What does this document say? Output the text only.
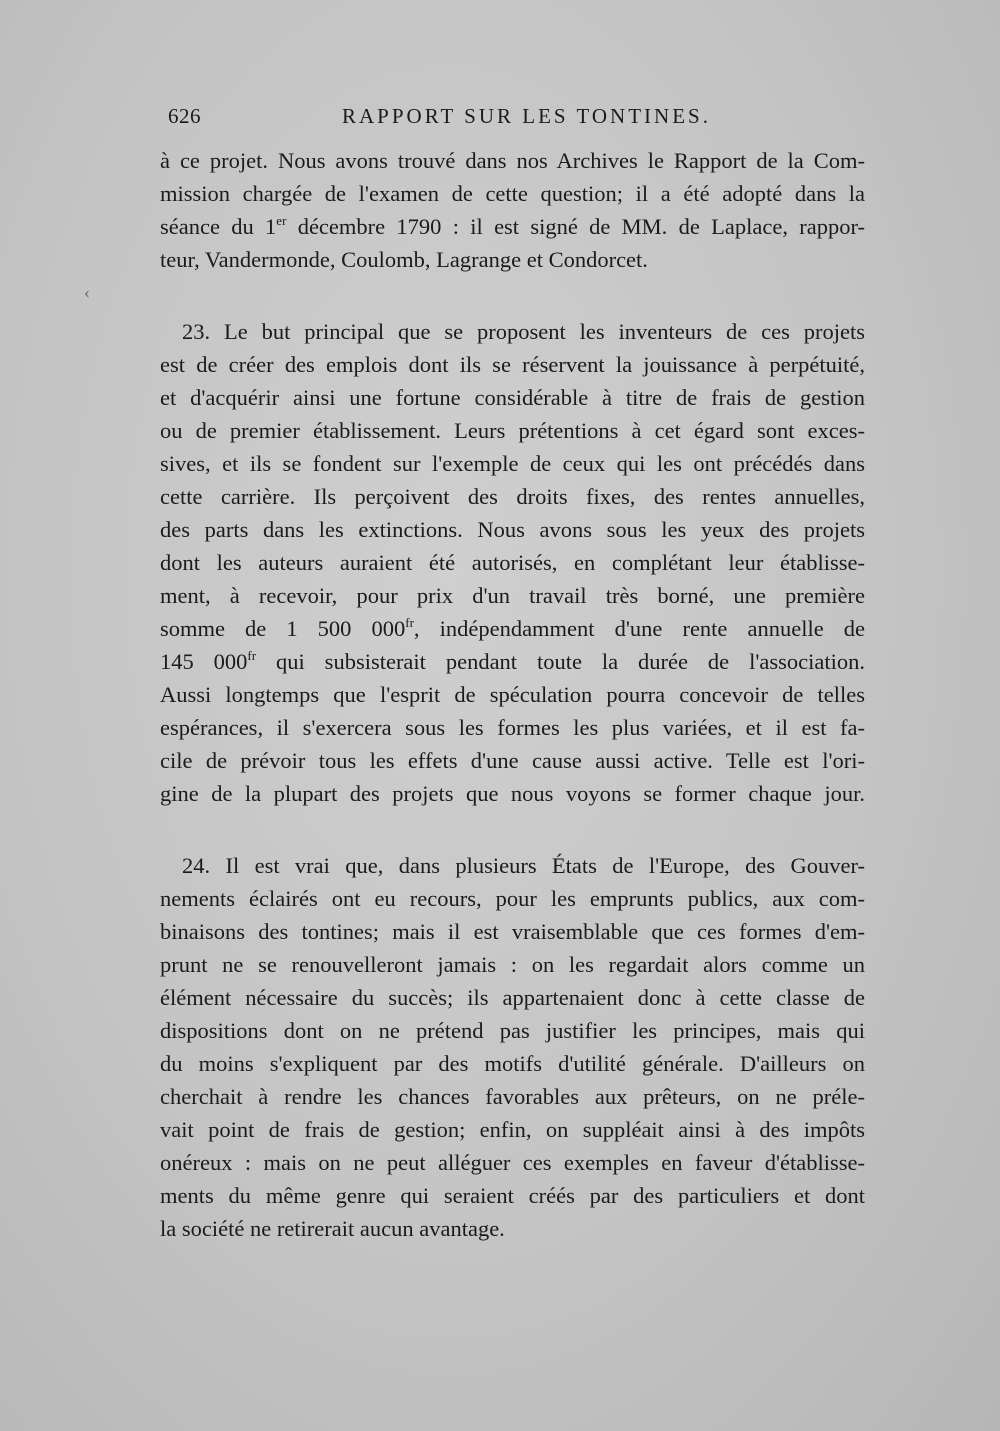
626	RAPPORT SUR LES TONTINES.
à ce projet. Nous avons trouvé dans nos Archives le Rapport de la Com-
mission chargée de l'examen de cette question; il a été adopté dans la
séance du 1er décembre 1790 : il est signé de MM. de Laplace, rappor-
teur, Vandermonde, Coulomb, Lagrange et Condorcet.
23. Le but principal que se proposent les inventeurs de ces projets
est de créer des emplois dont ils se réservent la jouissance à perpétuité,
et d'acquérir ainsi une fortune considérable à titre de frais de gestion
ou de premier établissement. Leurs prétentions à cet égard sont exces-
sives, et ils se fondent sur l'exemple de ceux qui les ont précédés dans
cette carrière. Ils perçoivent des droits fixes, des rentes annuelles,
des parts dans les extinctions. Nous avons sous les yeux des projets
dont les auteurs auraient été autorisés, en complétant leur établisse-
ment, à recevoir, pour prix d'un travail très borné, une première
somme de 1 500 $000^{fr}$, indépendamment d'une rente annuelle de
145 $000^{fr}$ qui subsisterait pendant toute la durée de l'association.
Aussi longtemps que l'esprit de spéculation pourra concevoir de telles
espérances, il s'exercera sous les formes les plus variées, et il est fa-
cile de prévoir tous les effets d'une cause aussi active. Telle est l'ori-
gine de la plupart des projets que nous voyons se former chaque jour.
24. Il est vrai que, dans plusieurs États de l'Europe, des Gouver-
nements éclairés ont eu recours, pour les emprunts publics, aux com-
binaisons des tontines; mais il est vraisemblable que ces formes d'em-
prunt ne se renouvelleront jamais : on les regardait alors comme un
élément nécessaire du succès; ils appartenaient donc à cette classe de
dispositions dont on ne prétend pas justifier les principes, mais qui
du moins s'expliquent par des motifs d'utilité générale. D'ailleurs on
cherchait à rendre les chances favorables aux prêteurs, on ne préle-
vait point de frais de gestion; enfin, on suppléait ainsi à des impôts
onéreux : mais on ne peut alléguer ces exemples en faveur d'établisse-
ments du même genre qui seraient créés par des particuliers et dont
la société ne retirerait aucun avantage.
‹
